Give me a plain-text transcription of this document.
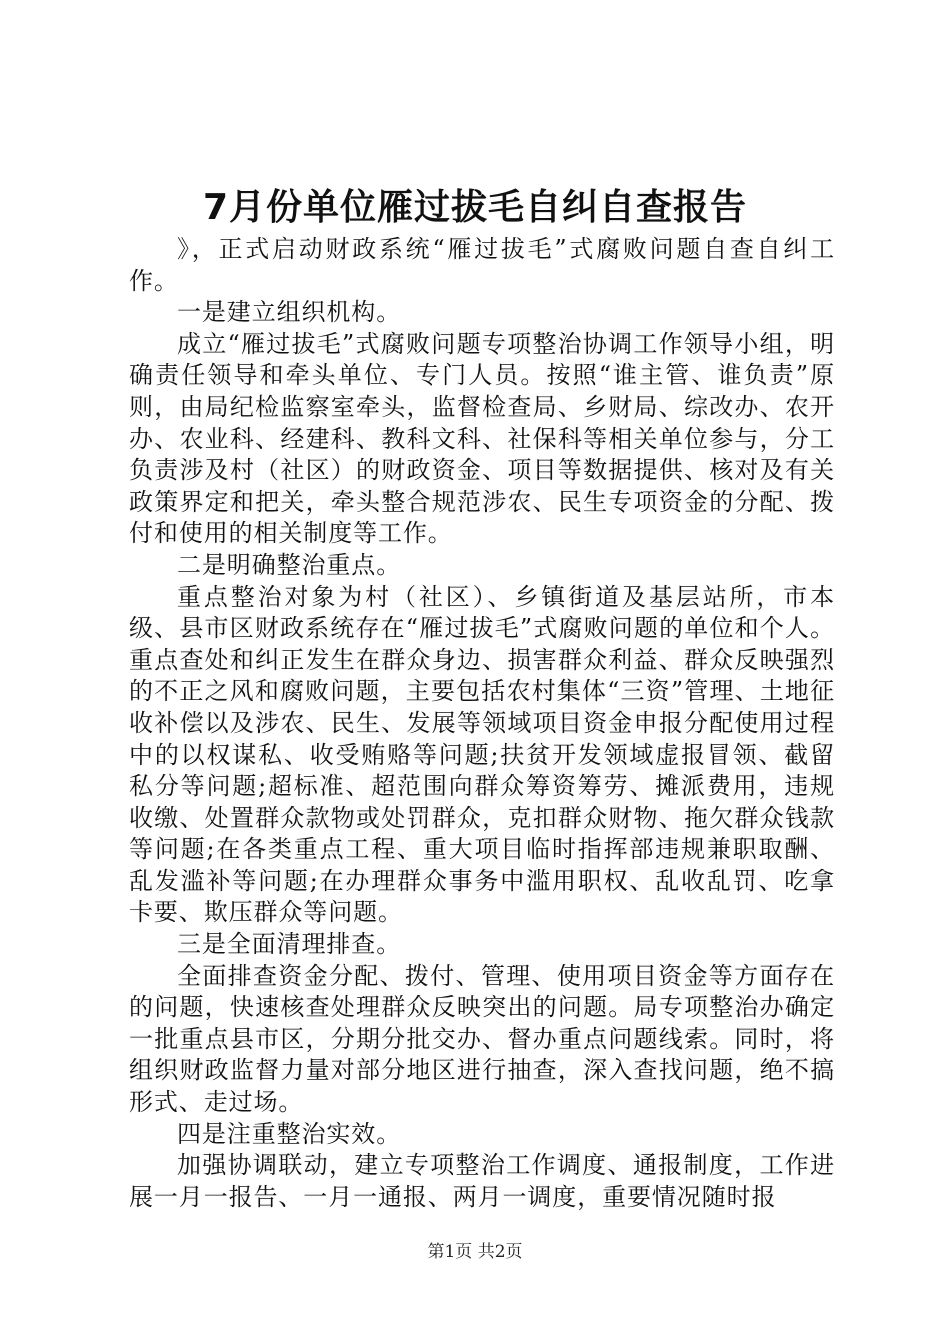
7月份单位雁过拔毛自纠自查报告

》，正式启动财政系统“雁过拔毛”式腐败问题自查自纠工作。

一是建立组织机构。

成立“雁过拔毛”式腐败问题专项整治协调工作领导小组，明确责任领导和牵头单位、专门人员。按照“谁主管、谁负责”原则，由局纪检监察室牵头，监督检查局、乡财局、综改办、农开办、农业科、经建科、教科文科、社保科等相关单位参与，分工负责涉及村（社区）的财政资金、项目等数据提供、核对及有关政策界定和把关，牵头整合规范涉农、民生专项资金的分配、拨付和使用的相关制度等工作。

二是明确整治重点。

重点整治对象为村（社区）、乡镇街道及基层站所，市本级、县市区财政系统存在“雁过拔毛”式腐败问题的单位和个人。重点查处和纠正发生在群众身边、损害群众利益、群众反映强烈的不正之风和腐败问题，主要包括农村集体“三资”管理、土地征收补偿以及涉农、民生、发展等领域项目资金申报分配使用过程中的以权谋私、收受贿赂等问题;扶贫开发领域虚报冒领、截留私分等问题;超标准、超范围向群众筹资筹劳、摊派费用，违规收缴、处置群众款物或处罚群众，克扣群众财物、拖欠群众钱款等问题;在各类重点工程、重大项目临时指挥部违规兼职取酬、乱发滥补等问题;在办理群众事务中滥用职权、乱收乱罚、吃拿卡要、欺压群众等问题。

三是全面清理排查。

全面排查资金分配、拨付、管理、使用项目资金等方面存在的问题，快速核查处理群众反映突出的问题。局专项整治办确定一批重点县市区，分期分批交办、督办重点问题线索。同时，将组织财政监督力量对部分地区进行抽查，深入查找问题，绝不搞形式、走过场。

四是注重整治实效。

加强协调联动，建立专项整治工作调度、通报制度，工作进展一月一报告、一月一通报、两月一调度，重要情况随时报

第1页 共2页
